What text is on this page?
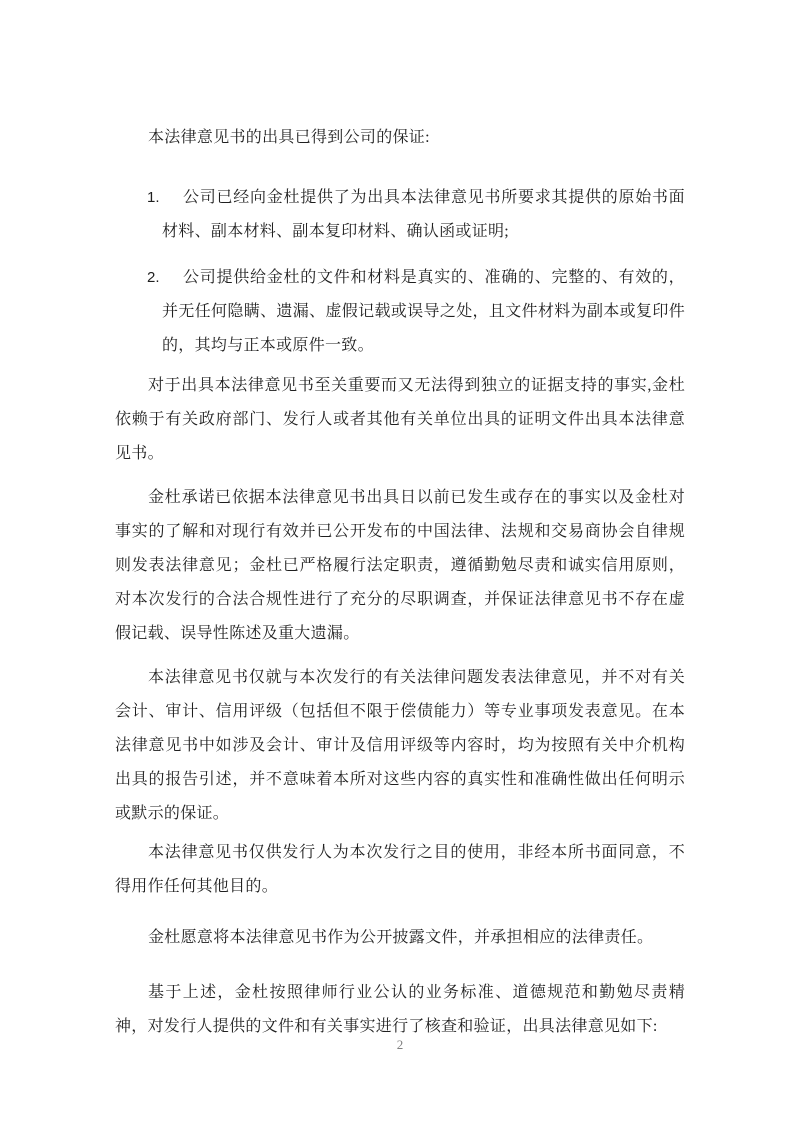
本法律意见书的出具已得到公司的保证:

1.	公司已经向金杜提供了为出具本法律意见书所要求其提供的原始书面材料、副本材料、副本复印材料、确认函或证明;

2.	公司提供给金杜的文件和材料是真实的、准确的、完整的、有效的，并无任何隐瞒、遗漏、虚假记载或误导之处，且文件材料为副本或复印件的，其均与正本或原件一致。

对于出具本法律意见书至关重要而又无法得到独立的证据支持的事实,金杜依赖于有关政府部门、发行人或者其他有关单位出具的证明文件出具本法律意见书。

金杜承诺已依据本法律意见书出具日以前已发生或存在的事实以及金杜对事实的了解和对现行有效并已公开发布的中国法律、法规和交易商协会自律规则发表法律意见；金杜已严格履行法定职责，遵循勤勉尽责和诚实信用原则，对本次发行的合法合规性进行了充分的尽职调查，并保证法律意见书不存在虚假记载、误导性陈述及重大遗漏。

本法律意见书仅就与本次发行的有关法律问题发表法律意见，并不对有关会计、审计、信用评级（包括但不限于偿债能力）等专业事项发表意见。在本法律意见书中如涉及会计、审计及信用评级等内容时，均为按照有关中介机构出具的报告引述，并不意味着本所对这些内容的真实性和准确性做出任何明示或默示的保证。

本法律意见书仅供发行人为本次发行之目的使用，非经本所书面同意，不得用作任何其他目的。

金杜愿意将本法律意见书作为公开披露文件，并承担相应的法律责任。

基于上述，金杜按照律师行业公认的业务标准、道德规范和勤勉尽责精神，对发行人提供的文件和有关事实进行了核查和验证，出具法律意见如下:

2
